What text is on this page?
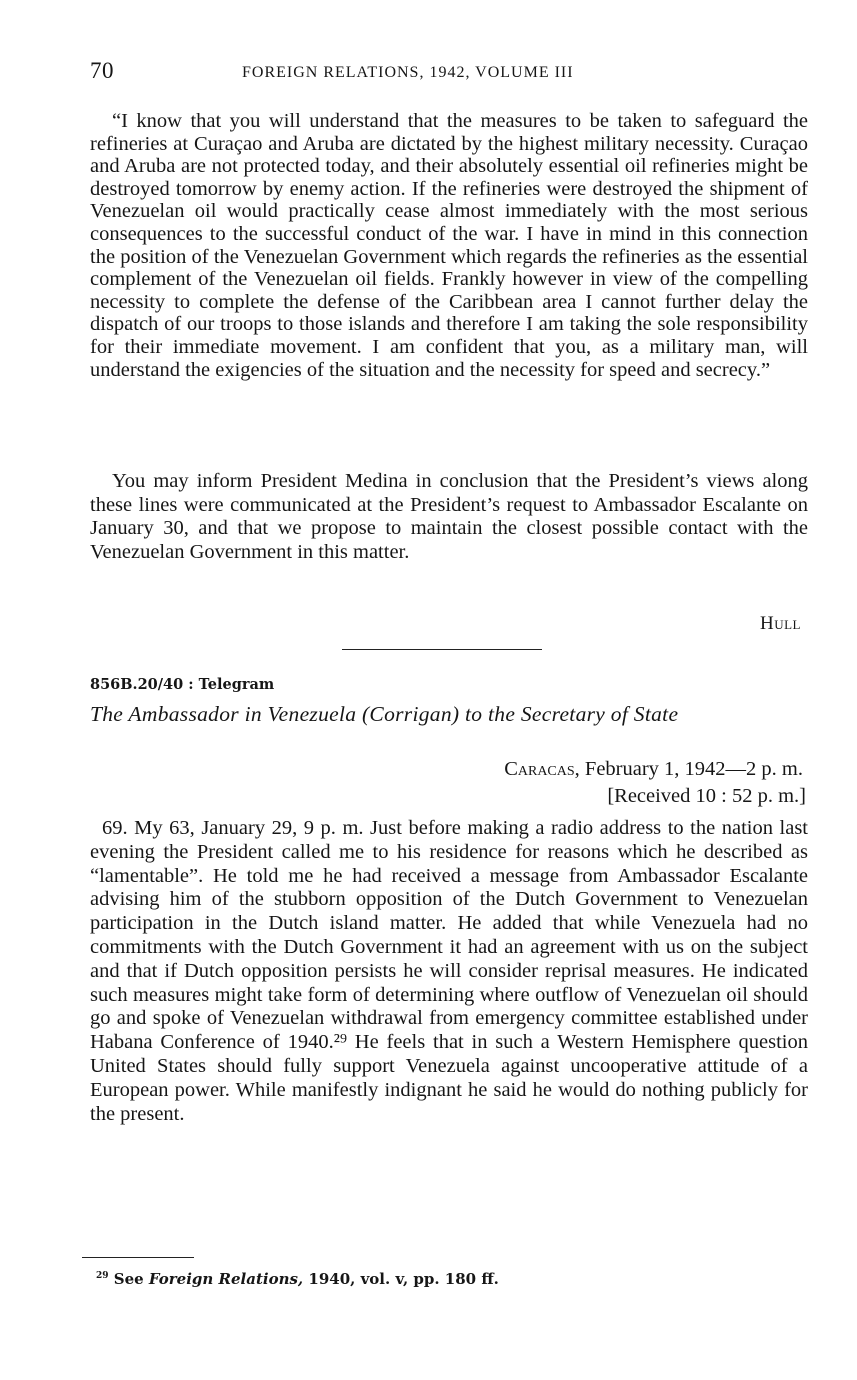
70	FOREIGN RELATIONS, 1942, VOLUME III

“I know that you will understand that the measures to be taken to safeguard the refineries at Curaçao and Aruba are dictated by the highest military necessity. Curaçao and Aruba are not protected today, and their absolutely essential oil refineries might be destroyed tomorrow by enemy action. If the refineries were destroyed the shipment of Venezuelan oil would practically cease almost immediately with the most serious consequences to the successful conduct of the war. I have in mind in this connection the position of the Venezuelan Government which regards the refineries as the essential complement of the Venezuelan oil fields. Frankly however in view of the compelling necessity to complete the defense of the Caribbean area I cannot further delay the dispatch of our troops to those islands and therefore I am taking the sole responsibility for their immediate movement. I am confident that you, as a military man, will understand the exigencies of the situation and the necessity for speed and secrecy.”

You may inform President Medina in conclusion that the President’s views along these lines were communicated at the President’s request to Ambassador Escalante on January 30, and that we propose to maintain the closest possible contact with the Venezuelan Government in this matter.

Hull
856B.20/40 : Telegram
The Ambassador in Venezuela (Corrigan) to the Secretary of State
Caracas, February 1, 1942—2 p. m.
[Received 10 : 52 p. m.]

69. My 63, January 29, 9 p. m. Just before making a radio address to the nation last evening the President called me to his residence for reasons which he described as “lamentable”. He told me he had received a message from Ambassador Escalante advising him of the stubborn opposition of the Dutch Government to Venezuelan participation in the Dutch island matter. He added that while Venezuela had no commitments with the Dutch Government it had an agreement with us on the subject and that if Dutch opposition persists he will consider reprisal measures. He indicated such measures might take form of determining where outflow of Venezuelan oil should go and spoke of Venezuelan withdrawal from emergency committee established under Habana Conference of 1940.²⁹ He feels that in such a Western Hemisphere question United States should fully support Venezuela against uncooperative attitude of a European power. While manifestly indignant he said he would do nothing publicly for the present.

$^{29}$ See Foreign Relations, 1940, vol. v, pp. 180 ff.
